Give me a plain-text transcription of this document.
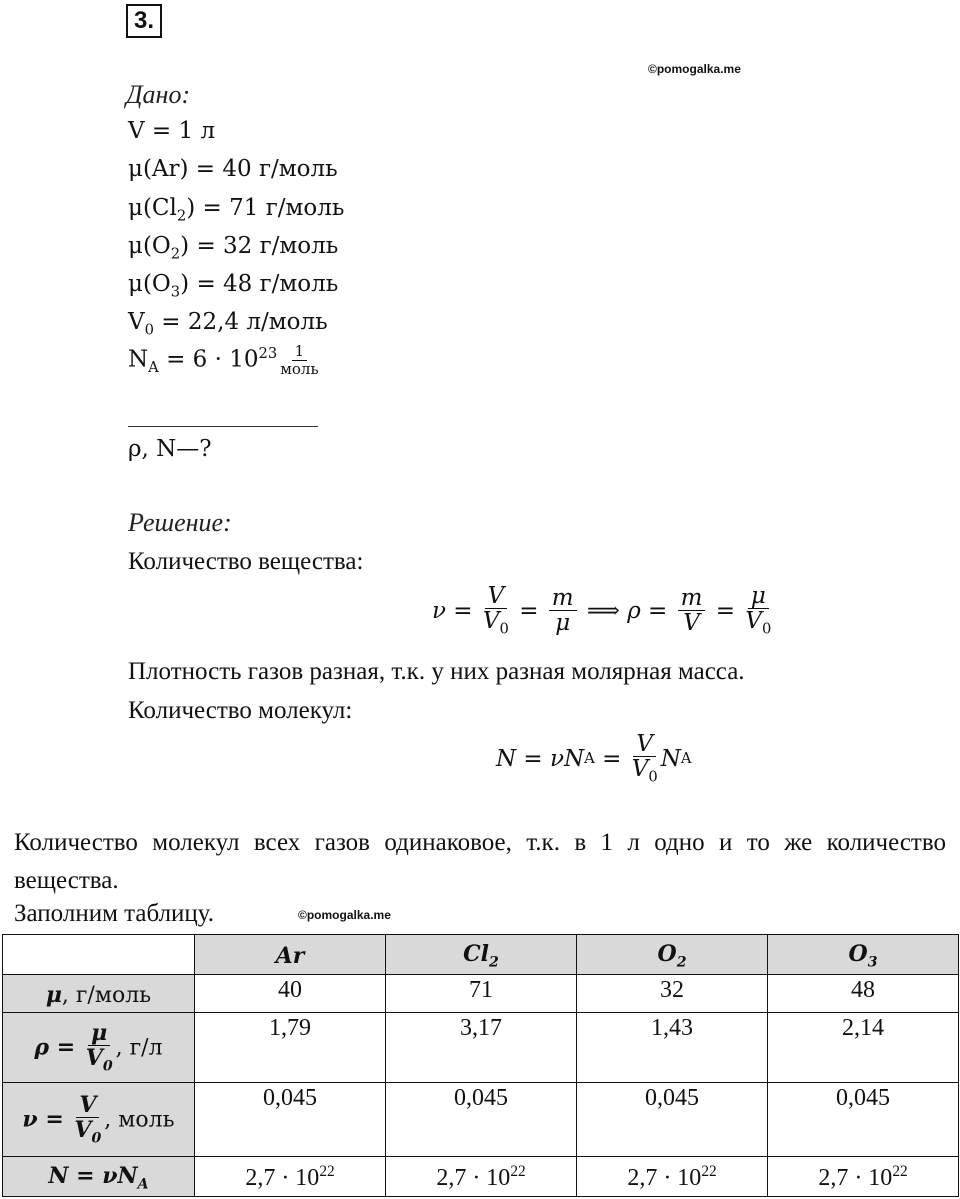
3.
©pomogalka.me
Дано:
V = 1 л
μ(Ar) = 40 г/моль
$\mu(Cl_2) = 71$ г/моль
$\mu(O_2) = 32$ г/моль
$\mu(O_3) = 48$ г/моль
$V_0 = 22,4$ л/моль
$N_A = 6 \cdot 10^{23} \frac{1}{\text{моль}}$
ρ, N—?
Решение:
Количество вещества:
$\nu = \frac{V}{V_0} = \frac{m}{\mu}$ ⟹ $\rho = \frac{m}{V} = \frac{\mu}{V_0}$
Плотность газов разная, т.к. у них разная молярная масса.
Количество молекул:
N = ν N $A = \frac{V}{V_0}$ N A
Количество молекул всех газов одинаковое, т.к. в 1 л одно и то же количество вещества.
Заполним таблицу.	©pomogalka.me
	Ar	$Cl_2$	$O_2$	$O_3$
μ, г/моль	40	71	32	48
$\rho = \frac{\mu}{V_0}$ , г/л	1,79	3,17	1,43	2,14
$\nu = \frac{V}{V_0}$ , моль	0,045	0,045	0,045	0,045
$N = \nu N_A$	$2,7 \cdot 10^{22}$	$2,7 \cdot 10^{22}$	$2,7 \cdot 10^{22}$	$2,7 \cdot 10^{22}$
